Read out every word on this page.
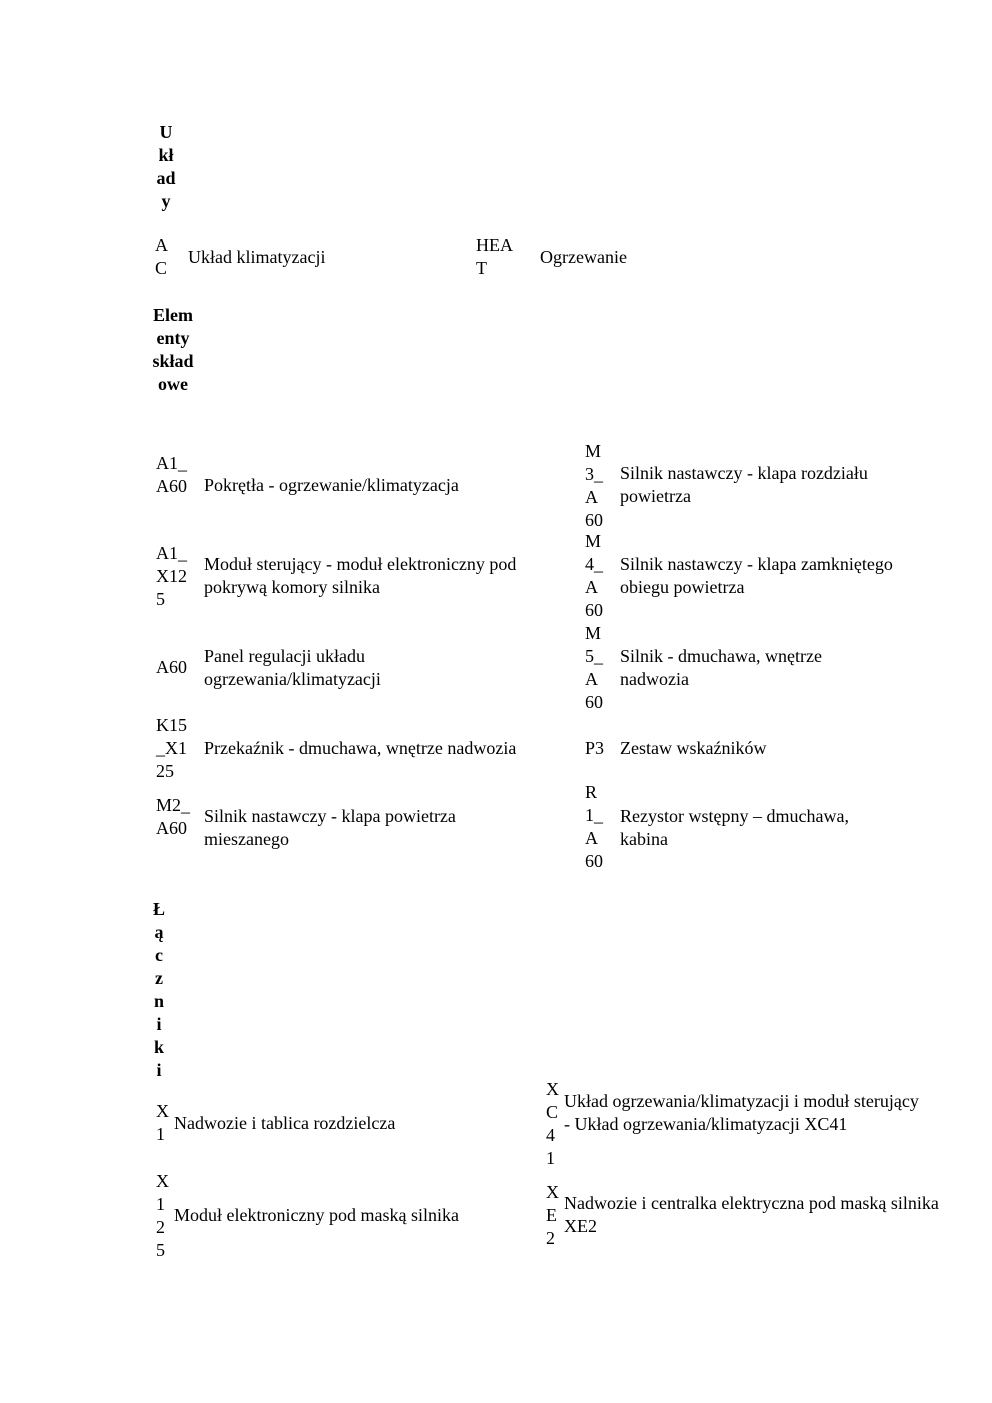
Układy
AC
Układ klimatyzacji
HEAT
Ogrzewanie
Elementy składowe
A1_A60 Pokrętła - ogrzewanie/klimatyzacja
A1_X125
Moduł sterujący - moduł elektroniczny pod pokrywą komory silnika
A60
Panel regulacji układu ogrzewania/klimatyzacji
K15_X125
Przekaźnik - dmuchawa, wnętrze nadwozia
M2_A60
Silnik nastawczy - klapa powietrza mieszanego
M3_A60
Silnik nastawczy - klapa rozdziału powietrza
M4_A60
Silnik nastawczy - klapa zamkniętego obiegu powietrza
M5_A60
Silnik - dmuchawa, wnętrze nadwozia
P3 Zestaw wskaźników
R1_A60
Rezystor wstępny – dmuchawa, kabina
Łączniki
X1
Nadwozie i tablica rozdzielcza
X125
Moduł elektroniczny pod maską silnika
XC41
Układ ogrzewania/klimatyzacji i moduł sterujący - Układ ogrzewania/klimatyzacji XC41
XE2
Nadwozie i centralka elektryczna pod maską silnika XE2
